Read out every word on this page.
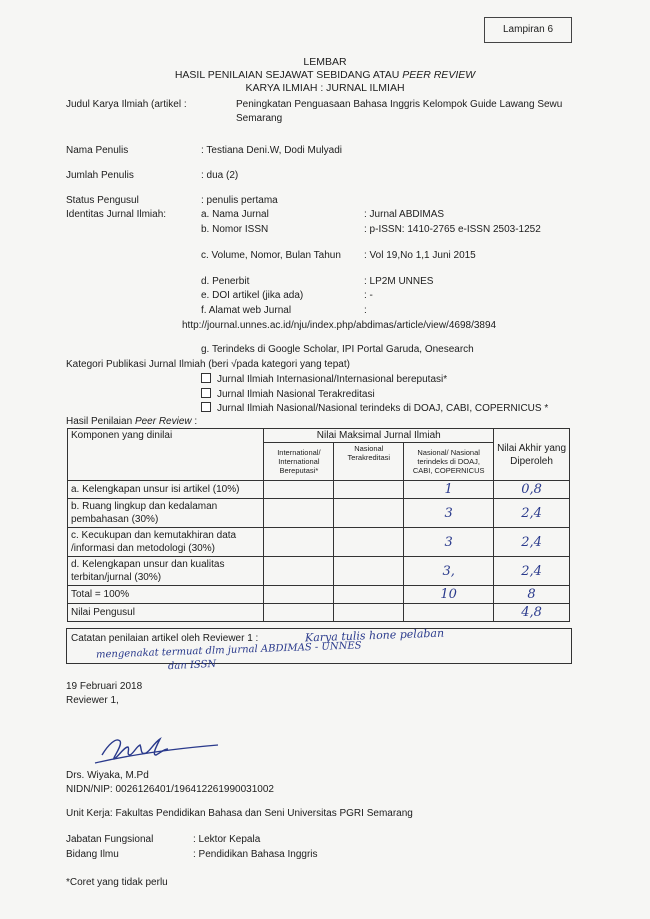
Lampiran 6
LEMBAR
HASIL PENILAIAN SEJAWAT SEBIDANG ATAU PEER REVIEW
KARYA ILMIAH : JURNAL ILMIAH
Judul Karya Ilmiah (artikel :	Peningkatan Penguasaan Bahasa Inggris Kelompok Guide Lawang Sewu
Semarang
Nama Penulis	: Testiana Deni.W, Dodi Mulyadi
Jumlah Penulis	: dua (2)
Status Pengusul	: penulis pertama
Identitas Jurnal Ilmiah:	a. Nama Jurnal	: Jurnal ABDIMAS
b. Nomor ISSN	: p-ISSN: 1410-2765 e-ISSN 2503-1252
c. Volume, Nomor, Bulan Tahun : Vol 19,No 1,1 Juni 2015
d. Penerbit	: LP2M UNNES
e. DOI artikel (jika ada)	: -
f. Alamat web Jurnal	:
http://journal.unnes.ac.id/nju/index.php/abdimas/article/view/4698/3894
g. Terindeks di Google Scholar, IPI Portal Garuda, Onesearch
Kategori Publikasi Jurnal Ilmiah (beri √pada kategori yang tepat)
Jurnal Ilmiah Internasional/Internasional bereputasi*
Jurnal Ilmiah Nasional Terakreditasi
Jurnal Ilmiah Nasional/Nasional terindeks di DOAJ, CABI, COPERNICUS *
Hasil Penilaian Peer Review :
Komponen yang dinilai	Nilai Maksimal Jurnal Ilmiah			Nilai Akhir yang Diperoleh
	International/ International Bereputasi*	Nasional Terakreditasi	Nasional/ Nasional terindeks di DOAJ, CABI, COPERNICUS	
a. Kelengkapan unsur isi artikel (10%)			1	0,8
b. Ruang lingkup dan kedalaman pembahasan (30%)			3	2,4
c. Kecukupan dan kemutakhiran data /informasi dan metodologi (30%)			3	2,4
d. Kelengkapan unsur dan kualitas terbitan/jurnal (30%)			3,	2,4
Total = 100%			10	8
Nilai Pengusul				4,8
Catatan penilaian artikel oleh Reviewer 1 :	Karya tulis hone pelaban
mengenakat termuat dlm jurnal ABDIMAS - UNNES
dan ISSN
19 Februari 2018
Reviewer 1,
Drs. Wiyaka, M.Pd
NIDN/NIP: 0026126401/196412261990031002
Unit Kerja: Fakultas Pendidikan Bahasa dan Seni Universitas PGRI Semarang
Jabatan Fungsional	: Lektor Kepala
Bidang Ilmu	: Pendidikan Bahasa Inggris
*Coret yang tidak perlu
